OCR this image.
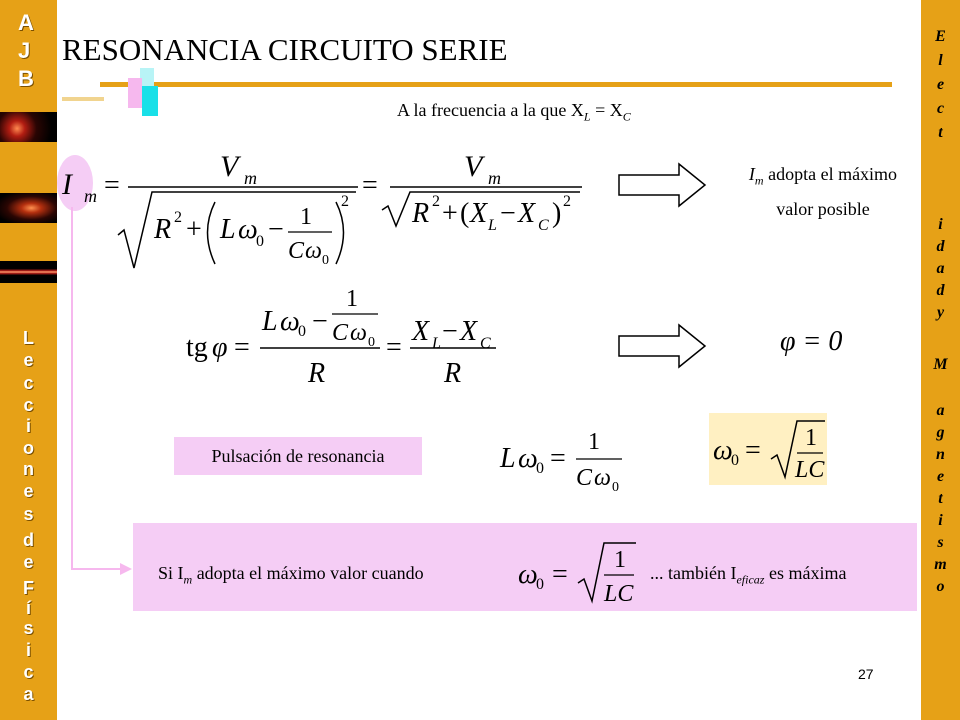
A
J
B
L
e
c
c
i
o
n
e
s
d
e
F
í
s
i
c
a
E
l
e
c
t
i
d
a
d
y
M
a
g
n
e
t
i
s
m
o
RESONANCIA CIRCUITO SERIE
A la frecuencia a la que $X_L = X_C$
I m =
V m
R 2 + L ω
0 − 1
C ω 0
2
=
V m
R 2 + ( X L − X C ) 2
$I_m$ adopta el máximo
valor posible
tg φ =
L ω
0 −
1
C ω 0
R
=
X L − X C
R
φ = 0
Pulsación de resonancia	L ω
0 =
1
C ω 0
ω
0 = 1
LC
Si $I_m$ adopta el máximo valor cuando	ω
0 = 1
LC
... también $I_{eficaz}$ es máxima
27
